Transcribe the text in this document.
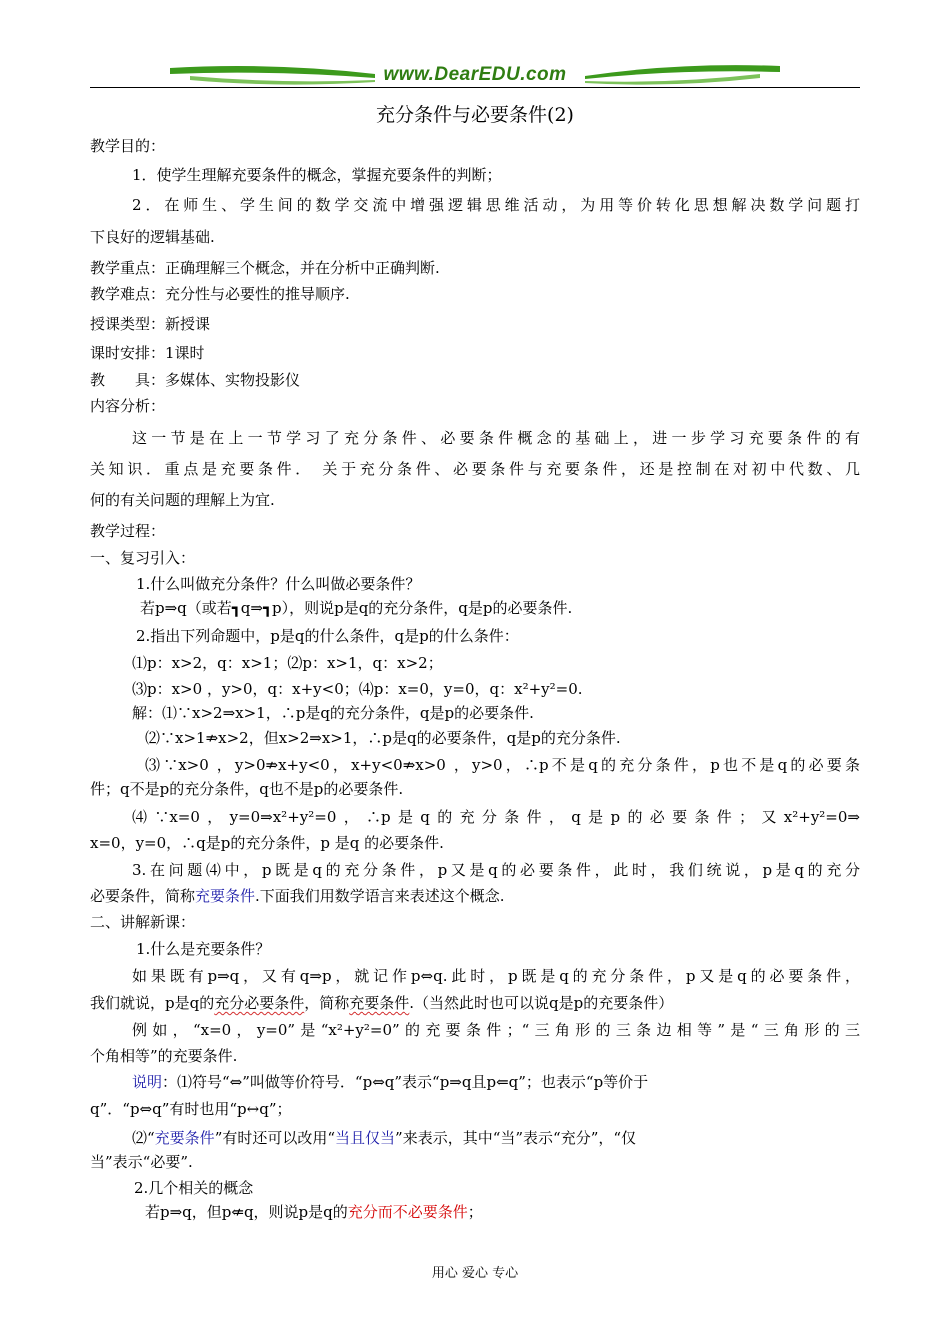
www.DearEDU.com
充分条件与必要条件(2)
教学目的：
1．使学生理解充要条件的概念，掌握充要条件的判断；
2．在师生、学生间的数学交流中增强逻辑思维活动，为用等价转化思想解决数学问题打
下良好的逻辑基础.
教学重点：正确理解三个概念，并在分析中正确判断.
教学难点：充分性与必要性的推导顺序.
授课类型：新授课
课时安排：1课时
教　　具：多媒体、实物投影仪
内容分析：
这一节是在上一节学习了充分条件、必要条件概念的基础上，进一步学习充要条件的有
关知识．重点是充要条件． 关于充分条件、必要条件与充要条件，还是控制在对初中代数、几
何的有关问题的理解上为宜.
教学过程：
一、复习引入：
1.什么叫做充分条件？什么叫做必要条件？
若p⇒q（或若┓q⇒┓p），则说p是q的充分条件，q是p的必要条件.
2.指出下列命题中，p是q的什么条件，q是p的什么条件：
⑴p：x>2，q：x>1；⑵p：x>1，q：x>2；
⑶p：x>0 ，y>0，q：x+y<0；⑷p：x=0，y=0，q：x²+y²=0.
解：⑴∵x>2⇒x>1，∴p是q的充分条件，q是p的必要条件.
⑵∵x>1⇏x>2，但x>2⇒x>1，∴p是q的必要条件，q是p的充分条件.
⑶∵x>0 ，y>0⇏x+y<0，x+y<0⇏x>0 ，y>0，∴p不是q的充分条件，p也不是q的必要条
件；q不是p的充分条件，q也不是p的必要条件.
⑷∵x=0，y=0⇒x²+y²=0，∴p是q的充分条件，q是p的必要条件；又x²+y²=0⇒
x=0，y=0，∴q是p的充分条件，p 是q 的必要条件.
3.在问题⑷中，p既是q的充分条件，p又是q的必要条件，此时，我们统说，p是q的充分
必要条件，简称充要条件.下面我们用数学语言来表述这个概念.
二、讲解新课：
1.什么是充要条件？
如果既有p⇒q，又有q⇒p，就记作p⇔q.此时，p既是q的充分条件，p又是q的必要条件，
我们就说，p是q的充分必要条件，简称充要条件.（当然此时也可以说q是p的充要条件）
例如，“x=0，y=0”是“x²+y²=0”的充要条件；“三角形的三条边相等”是“三角形的三
个角相等”的充要条件.
说明：⑴符号“⇔”叫做等价符号．“p⇔q”表示“p⇒q且p⇐q”；也表示“p等价于
q”．“p⇔q”有时也用“p↔q”；
⑵“充要条件”有时还可以改用“当且仅当”来表示，其中“当”表示“充分”，“仅
当”表示“必要”.
2.几个相关的概念
若p⇒q，但p⇍q，则说p是q的充分而不必要条件；
用心 爱心 专心
